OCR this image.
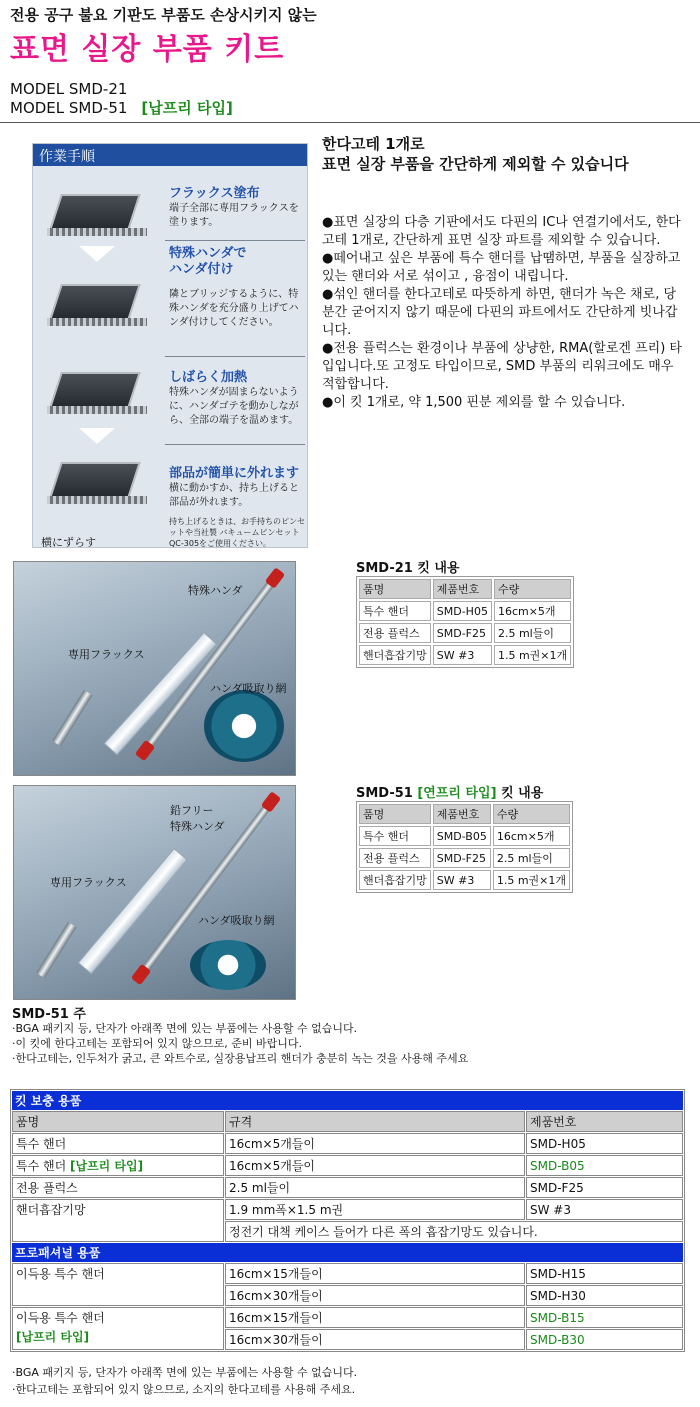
전용 공구 불요 기판도 부품도 손상시키지 않는
표면 실장 부품 키트
MODEL SMD-21
MODEL SMD-51 [납프리 타입]
作業手順
フラックス塗布
端子全部に専用フラックスを塗ります。
特殊ハンダで
ハンダ付け
隣とブリッジするように、特殊ハンダを充分盛り上げてハンダ付けしてください。
しばらく加熱
特殊ハンダが固まらないように、ハンダゴテを動かしながら、全部の端子を温めます。
部品が簡単に外れます
横に動かすか、持ち上げると部品が外れます。
持ち上げるときは、お手持ちのピンセットや当社製 バキュームピンセット QC-305をご使用ください。
横にずらす
한다고테 1개로
표면 실장 부품을 간단하게 제외할 수 있습니다

●표면 실장의 다층 기판에서도 다핀의 IC나 연결기에서도, 한다고테 1개로, 간단하게 표면 실장 파트를 제외할 수 있습니다.

●떼어내고 싶은 부품에 특수 핸더를 납땜하면, 부품을 실장하고 있는 핸더와 서로 섞이고 , 융점이 내립니다.

●섞인 핸더를 한다고테로 따뜻하게 하면, 핸더가 녹은 채로, 당분간 굳어지지 않기 때문에 다핀의 파트에서도 간단하게 빗나갑니다.

●전용 플럭스는 환경이나 부품에 상냥한, RMA(할로겐 프리) 타입입니다.또 고정도 타입이므로, SMD 부품의 리워크에도 매우 적합합니다.

●이 킷 1개로, 약 1,500 핀분 제외를 할 수 있습니다.

特殊ハンダ
専用フラックス
ハンダ吸取り網
鉛フリー
特殊ハンダ
専用フラックス
ハンダ吸取り網
SMD-21 킷 내용
품명	제품번호	수량
특수 핸더	SMD-H05	16cm×5개
전용 플럭스	SMD-F25	2.5 ml들이
핸더흡잡기망	SW #3	1.5 m권×1개
SMD-51 [연프리 타입] 킷 내용
품명	제품번호	수량
특수 핸더	SMD-B05	16cm×5개
전용 플럭스	SMD-F25	2.5 ml들이
핸더흡잡기망	SW #3	1.5 m권×1개
SMD-51 주
·BGA 패키지 등, 단자가 아래쪽 면에 있는 부품에는 사용할 수 없습니다.
·이 킷에 한다고테는 포함되어 있지 않으므로, 준비 바랍니다.
·한다고테는, 인두처가 굵고, 큰 와트수로, 실장용납프리 핸더가 충분히 녹는 것을 사용해 주세요
킷 보충 용품		
품명	규격	제품번호
특수 핸더	16cm×5개들이	SMD-H05
특수 핸더 [납프리 타입]	16cm×5개들이	SMD-B05
전용 플럭스	2.5 ml들이	SMD-F25
핸더흡잡기망	1.9 mm폭×1.5 m권	SW #3
	정전기 대책 케이스 들어가 다른 폭의 흡잡기망도 있습니다.	
프로패셔널 용품		
이득용 특수 핸더	16cm×15개들이	SMD-H15
	16cm×30개들이	SMD-H30

이득용 특수 핸더
[납프리 타입]	16cm×15개들이	SMD-B15
	16cm×30개들이	SMD-B30
·BGA 패키지 등, 단자가 아래쪽 면에 있는 부품에는 사용할 수 없습니다.
·한다고테는 포함되어 있지 않으므로, 소지의 한다고테를 사용해 주세요.
